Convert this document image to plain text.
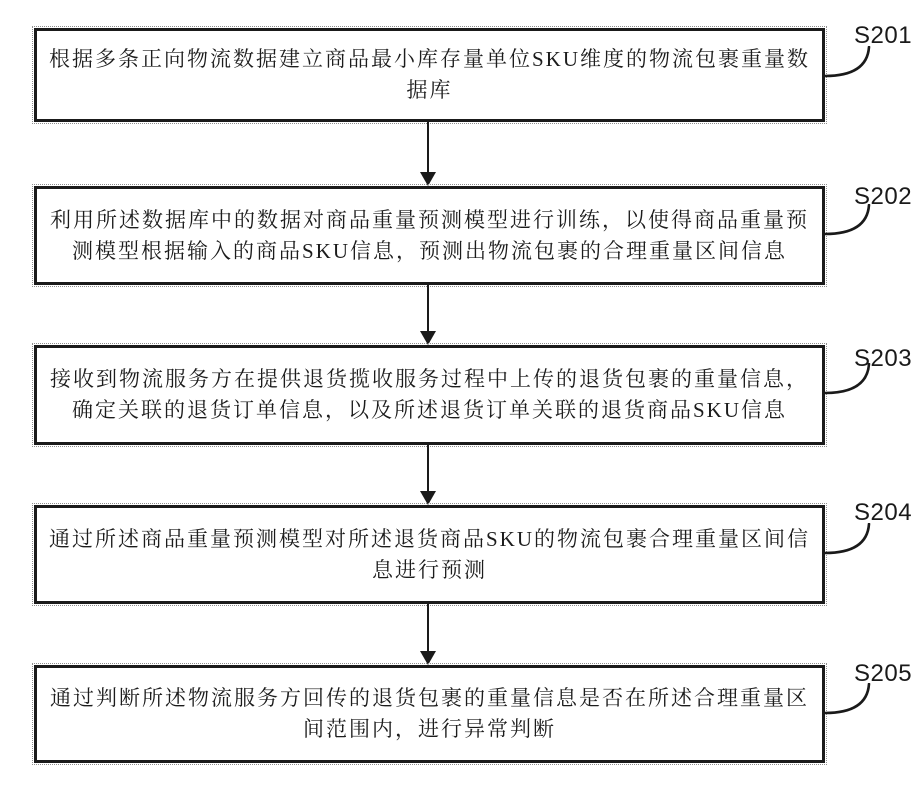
根据多条正向物流数据建立商品最小库存量单位SKU维度的物流包裹重量数据库
S201
利用所述数据库中的数据对商品重量预测模型进行训练，以使得商品重量预测模型根据输入的商品SKU信息，预测出物流包裹的合理重量区间信息
S202
接收到物流服务方在提供退货揽收服务过程中上传的退货包裹的重量信息，确定关联的退货订单信息，以及所述退货订单关联的退货商品SKU信息
S203
通过所述商品重量预测模型对所述退货商品SKU的物流包裹合理重量区间信息进行预测
S204
通过判断所述物流服务方回传的退货包裹的重量信息是否在所述合理重量区间范围内，进行异常判断
S205
